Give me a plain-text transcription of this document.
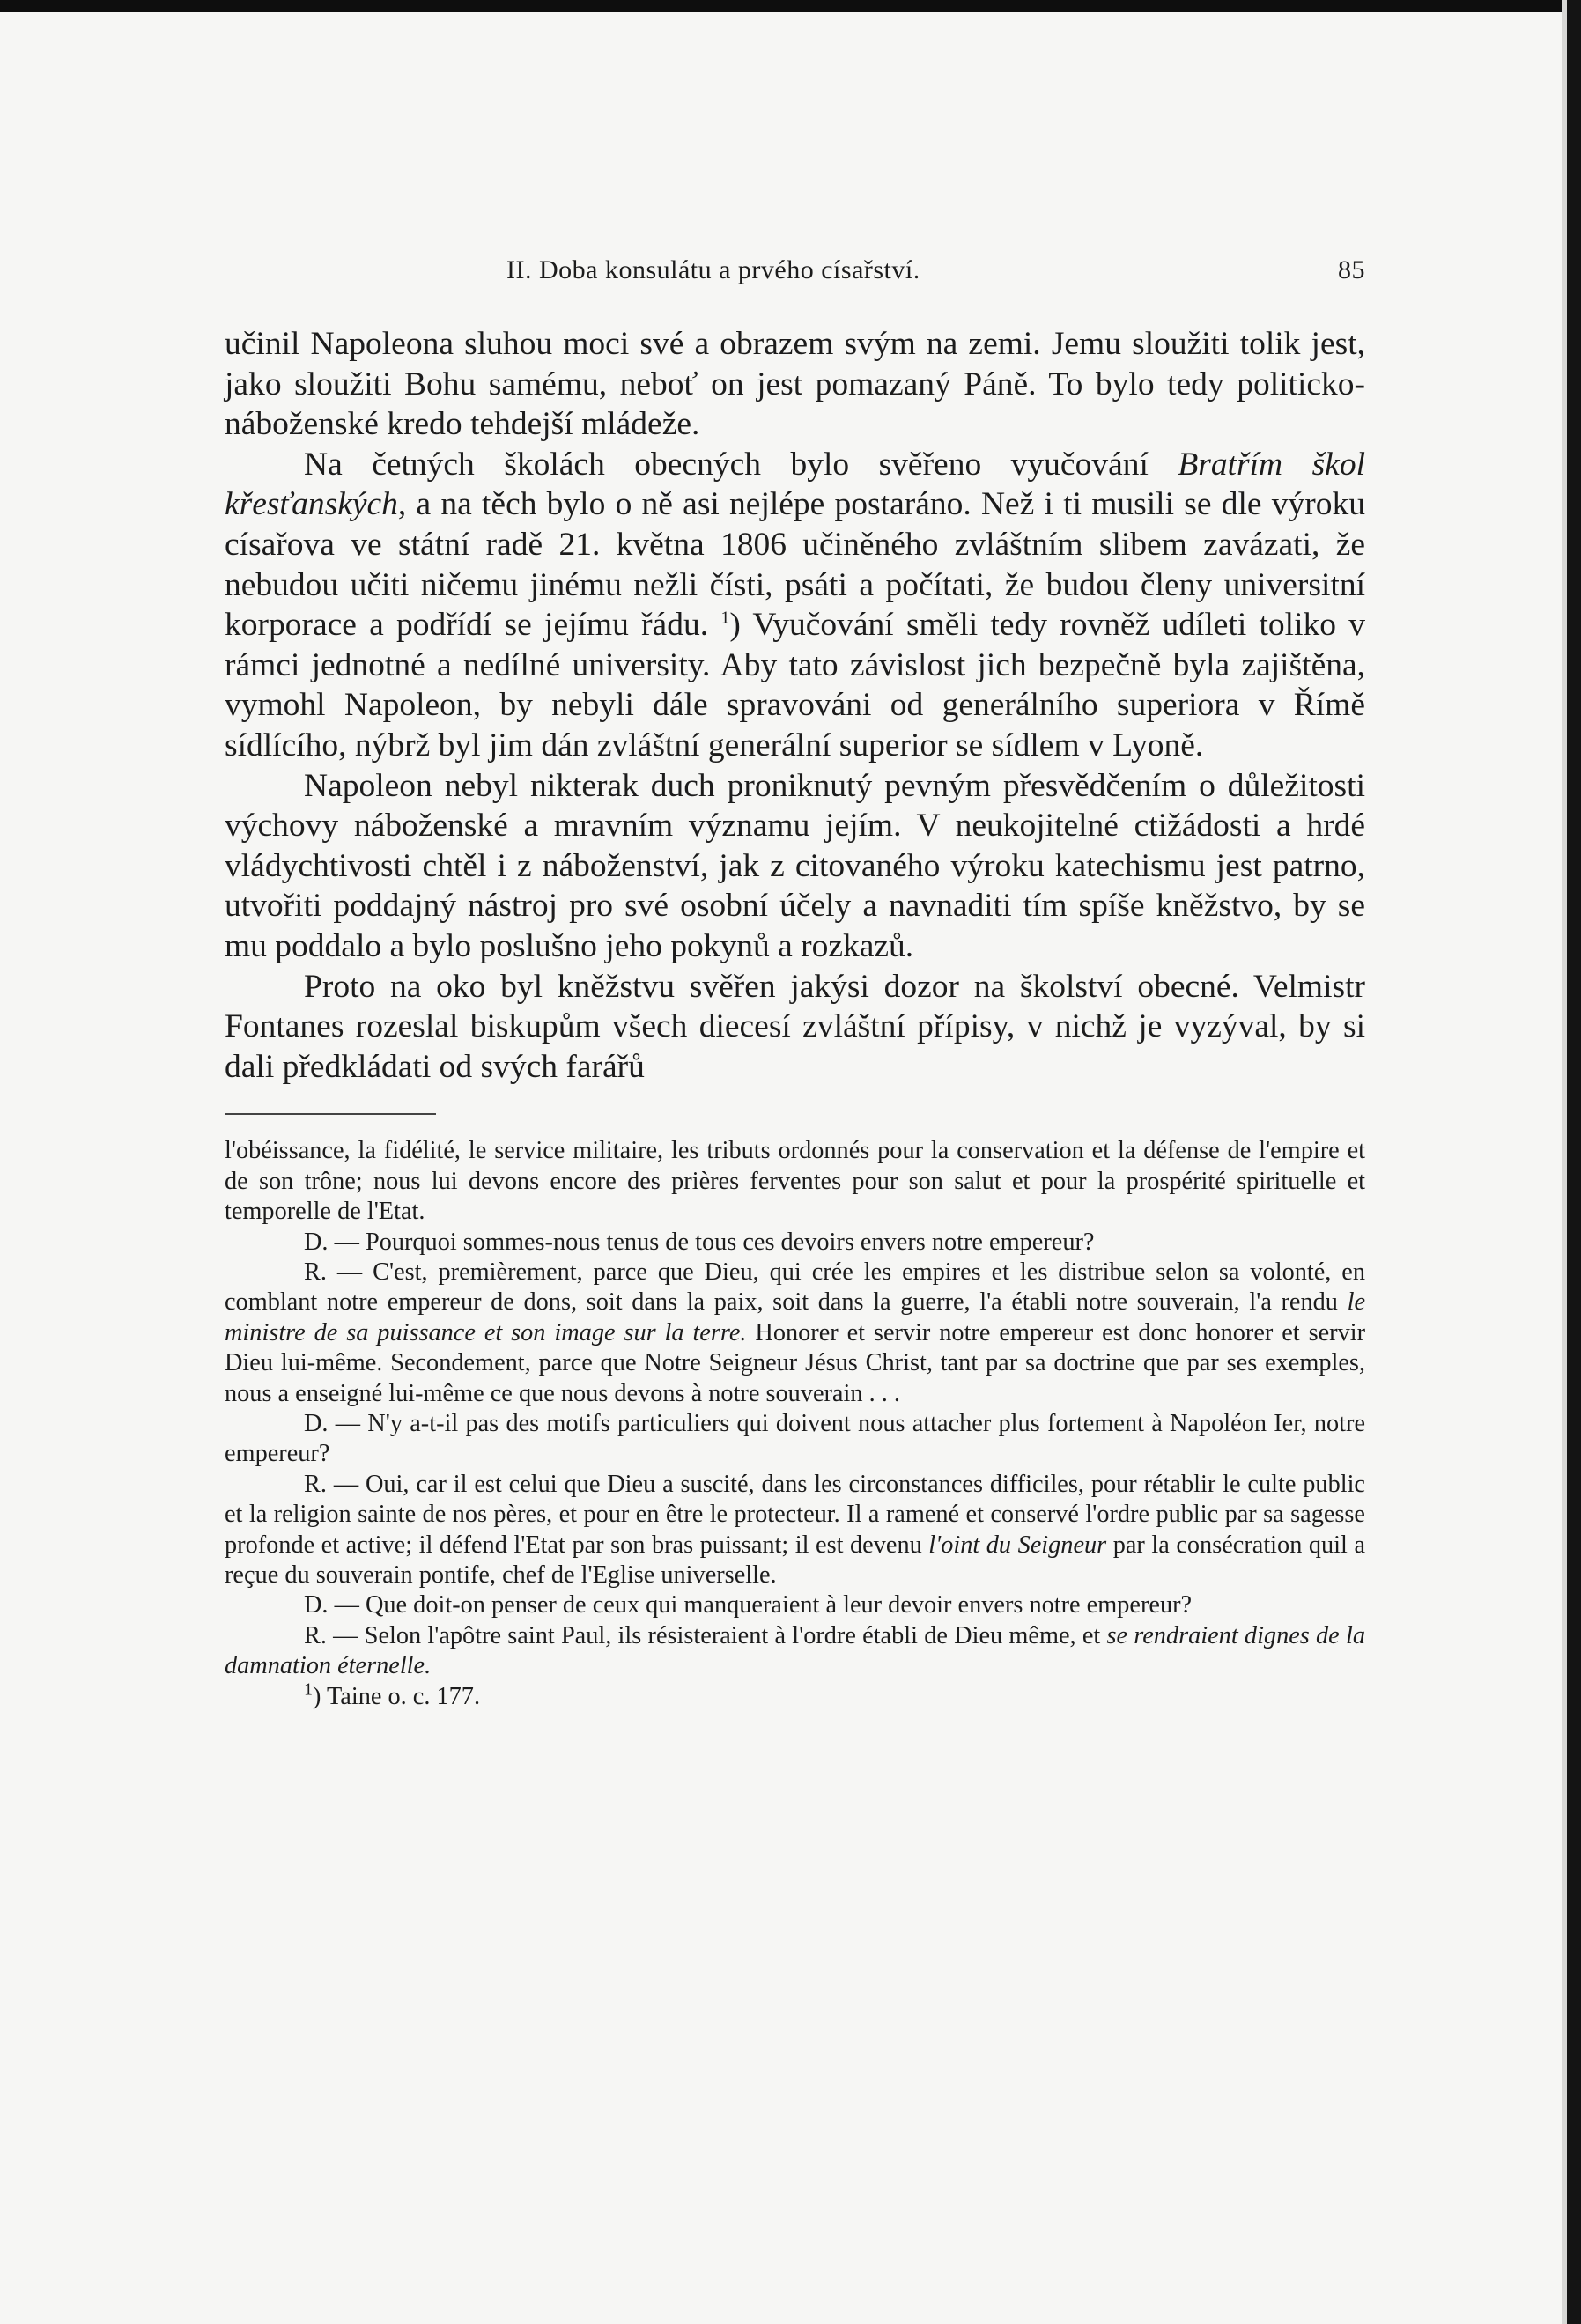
II. Doba konsulátu a prvého císařství.	85

učinil Napoleona sluhou moci své a obrazem svým na zemi. Jemu sloužiti tolik jest, jako sloužiti Bohu samému, neboť on jest pomazaný Páně. To bylo tedy politicko-náboženské kredo tehdejší mládeže.

Na četných školách obecných bylo svěřeno vyučování Bratřím škol křesťanských, a na těch bylo o ně asi nejlépe postaráno. Než i ti musili se dle výroku císařova ve státní radě 21. května 1806 učiněného zvláštním slibem zavázati, že nebudou učiti ničemu jinému nežli čísti, psáti a počítati, že budou členy universitní korporace a podřídí se jejímu řádu. $^1$) Vyučování směli tedy rovněž udíleti toliko v rámci jednotné a nedílné university. Aby tato závislost jich bezpečně byla zajištěna, vymohl Napoleon, by nebyli dále spravováni od generálního superiora v Římě sídlícího, nýbrž byl jim dán zvláštní generální superior se sídlem v Lyoně.

Napoleon nebyl nikterak duch proniknutý pevným přesvědčením o důležitosti výchovy náboženské a mravním významu jejím. V neukojitelné ctižádosti a hrdé vládychtivosti chtěl i z náboženství, jak z citovaného výroku katechismu jest patrno, utvořiti poddajný nástroj pro své osobní účely a navnaditi tím spíše kněžstvo, by se mu poddalo a bylo poslušno jeho pokynů a rozkazů.

Proto na oko byl kněžstvu svěřen jakýsi dozor na školství obecné. Velmistr Fontanes rozeslal biskupům všech diecesí zvláštní přípisy, v nichž je vyzýval, by si dali předkládati od svých farářů

l'obéissance, la fidélité, le service militaire, les tributs ordonnés pour la conservation et la défense de l'empire et de son trône; nous lui devons encore des prières ferventes pour son salut et pour la prospérité spirituelle et temporelle de l'Etat.

D. — Pourquoi sommes-nous tenus de tous ces devoirs envers notre empereur?

R. — C'est, premièrement, parce que Dieu, qui crée les empires et les distribue selon sa volonté, en comblant notre empereur de dons, soit dans la paix, soit dans la guerre, l'a établi notre souverain, l'a rendu le ministre de sa puissance et son image sur la terre. Honorer et servir notre empereur est donc honorer et servir Dieu lui-même. Secondement, parce que Notre Seigneur Jésus Christ, tant par sa doctrine que par ses exemples, nous a enseigné lui-même ce que nous devons à notre souverain . . .

D. — N'y a-t-il pas des motifs particuliers qui doivent nous attacher plus fortement à Napoléon Ier, notre empereur?

R. — Oui, car il est celui que Dieu a suscité, dans les circonstances difficiles, pour rétablir le culte public et la religion sainte de nos pères, et pour en être le protecteur. Il a ramené et conservé l'ordre public par sa sagesse profonde et active; il défend l'Etat par son bras puissant; il est devenu l'oint du Seigneur par la consécration quil a reçue du souverain pontife, chef de l'Eglise universelle.

D. — Que doit-on penser de ceux qui manqueraient à leur devoir envers notre empereur?

R. — Selon l'apôtre saint Paul, ils résisteraient à l'ordre établi de Dieu même, et se rendraient dignes de la damnation éternelle.

$^1$) Taine o. c. 177.
